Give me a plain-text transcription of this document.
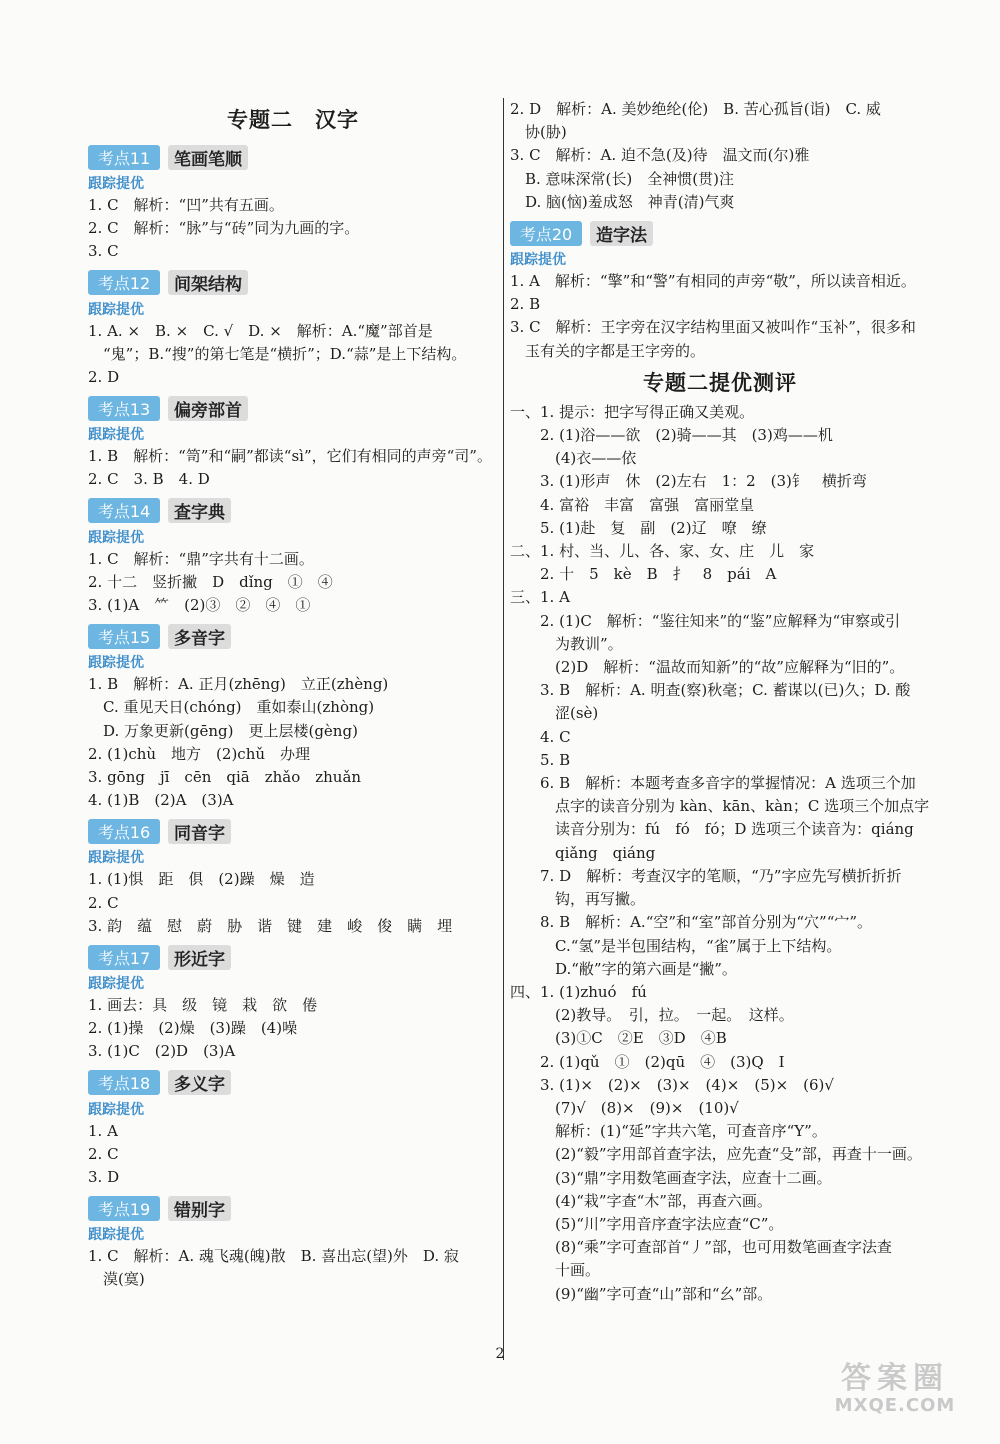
专题二　汉字
考点11	笔画笔顺
跟踪提优
1. C　解析：“凹”共有五画。
2. C　解析：“脉”与“砖”同为九画的字。
3. C
考点12	间架结构
跟踪提优
1. A. ×　B. ×　C. √　D. ×　解析：A.“魔”部首是
　“鬼”；B.“搜”的第七笔是“横折”；D.“蒜”是上下结构。
2. D
考点13	偏旁部首
跟踪提优
1. B　解析：“笥”和“嗣”都读“sì”，它们有相同的声旁“司”。
2. C　3. B　4. D
考点14	查字典
跟踪提优
1. C　解析：“鼎”字共有十二画。
2. 十二　竖折撇　D　dǐng　①　④
3. (1)A　⺮　(2)③　②　④　①
考点15	多音字
跟踪提优
1. B　解析：A. 正月(zhēng)　立正(zhèng)
　C. 重见天日(chóng)　重如泰山(zhòng)
　D. 万象更新(gēng)　更上层楼(gèng)
2. (1)chù　地方　(2)chǔ　办理
3. gōng　jī　cēn　qiā　zhǎo　zhuǎn
4. (1)B　(2)A　(3)A
考点16	同音字
跟踪提优
1. (1)惧　距　俱　(2)躁　燥　造
2. C
3. 韵　蕴　慰　蔚　胁　谐　键　建　峻　俊　瞒　埋
考点17	形近字
跟踪提优
1. 画去：具　级　镜　栽　欲　倦
2. (1)操　(2)燥　(3)躁　(4)噪
3. (1)C　(2)D　(3)A
考点18	多义字
跟踪提优
1. A
2. C
3. D
考点19	错别字
跟踪提优
1. C　解析：A. 魂飞魂(魄)散　B. 喜出忘(望)外　D. 寂
　漠(寞)
2. D　解析：A. 美妙绝纶(伦)　B. 苦心孤旨(诣)　C. 威
　协(胁)
3. C　解析：A. 迫不急(及)待　温文而(尔)雅
　B. 意味深常(长)　全神惯(贯)注
　D. 脑(恼)羞成怒　神青(清)气爽
考点20	造字法
跟踪提优
1. A　解析：“擎”和“警”有相同的声旁“敬”，所以读音相近。
2. B
3. C　解析：王字旁在汉字结构里面又被叫作“玉补”，很多和
　玉有关的字都是王字旁的。
专题二提优测评
一、1. 提示：把字写得正确又美观。
　　2. (1)浴——欲　(2)骑——其　(3)鸡——机
　　　(4)衣——依
　　3. (1)形声　休　(2)左右　1：2　(3)钅　横折弯
　　4. 富裕　丰富　富强　富丽堂皇
　　5. (1)赴　复　副　(2)辽　嘹　缭
二、1. 村、当、儿、各、家、女、庄　儿　家
　　2. 十　5　kè　B　扌　8　pái　A
三、1. A
　　2. (1)C　解析：“鉴往知来”的“鉴”应解释为“审察或引
　　　为教训”。
　　　(2)D　解析：“温故而知新”的“故”应解释为“旧的”。
　　3. B　解析：A. 明查(察)秋毫；C. 蓄谋以(已)久；D. 酸
　　　涩(sè)
　　4. C
　　5. B
　　6. B　解析：本题考查多音字的掌握情况：A 选项三个加
　　　点字的读音分别为 kàn、kān、kàn；C 选项三个加点字
　　　读音分别为：fú　fó　fó；D 选项三个读音为：qiáng
　　　qiǎng　qiáng
　　7. D　解析：考查汉字的笔顺，“乃”字应先写横折折折
　　　钩，再写撇。
　　8. B　解析：A.“空”和“室”部首分别为“穴”“宀”。
　　　C.“氢”是半包围结构，“雀”属于上下结构。
　　　D.“敝”字的第六画是“撇”。
四、1. (1)zhuó　fú
　　　(2)教导。　引，拉。　一起。　这样。
　　　(3)①C　②E　③D　④B
　　2. (1)qǔ　①　(2)qū　④　(3)Q　Ⅰ
　　3. (1)×　(2)×　(3)×　(4)×　(5)×　(6)√
　　　(7)√　(8)×　(9)×　(10)√
　　　解析：(1)“延”字共六笔，可查音序“Y”。
　　　(2)“毅”字用部首查字法，应先查“殳”部，再查十一画。
　　　(3)“鼎”字用数笔画查字法，应查十二画。
　　　(4)“栽”字查“木”部，再查六画。
　　　(5)“川”字用音序查字法应查“C”。
　　　(8)“乘”字可查部首“丿”部，也可用数笔画查字法查
　　　十画。
　　　(9)“幽”字可查“山”部和“幺”部。
2
答案圈
MXQE.COM
